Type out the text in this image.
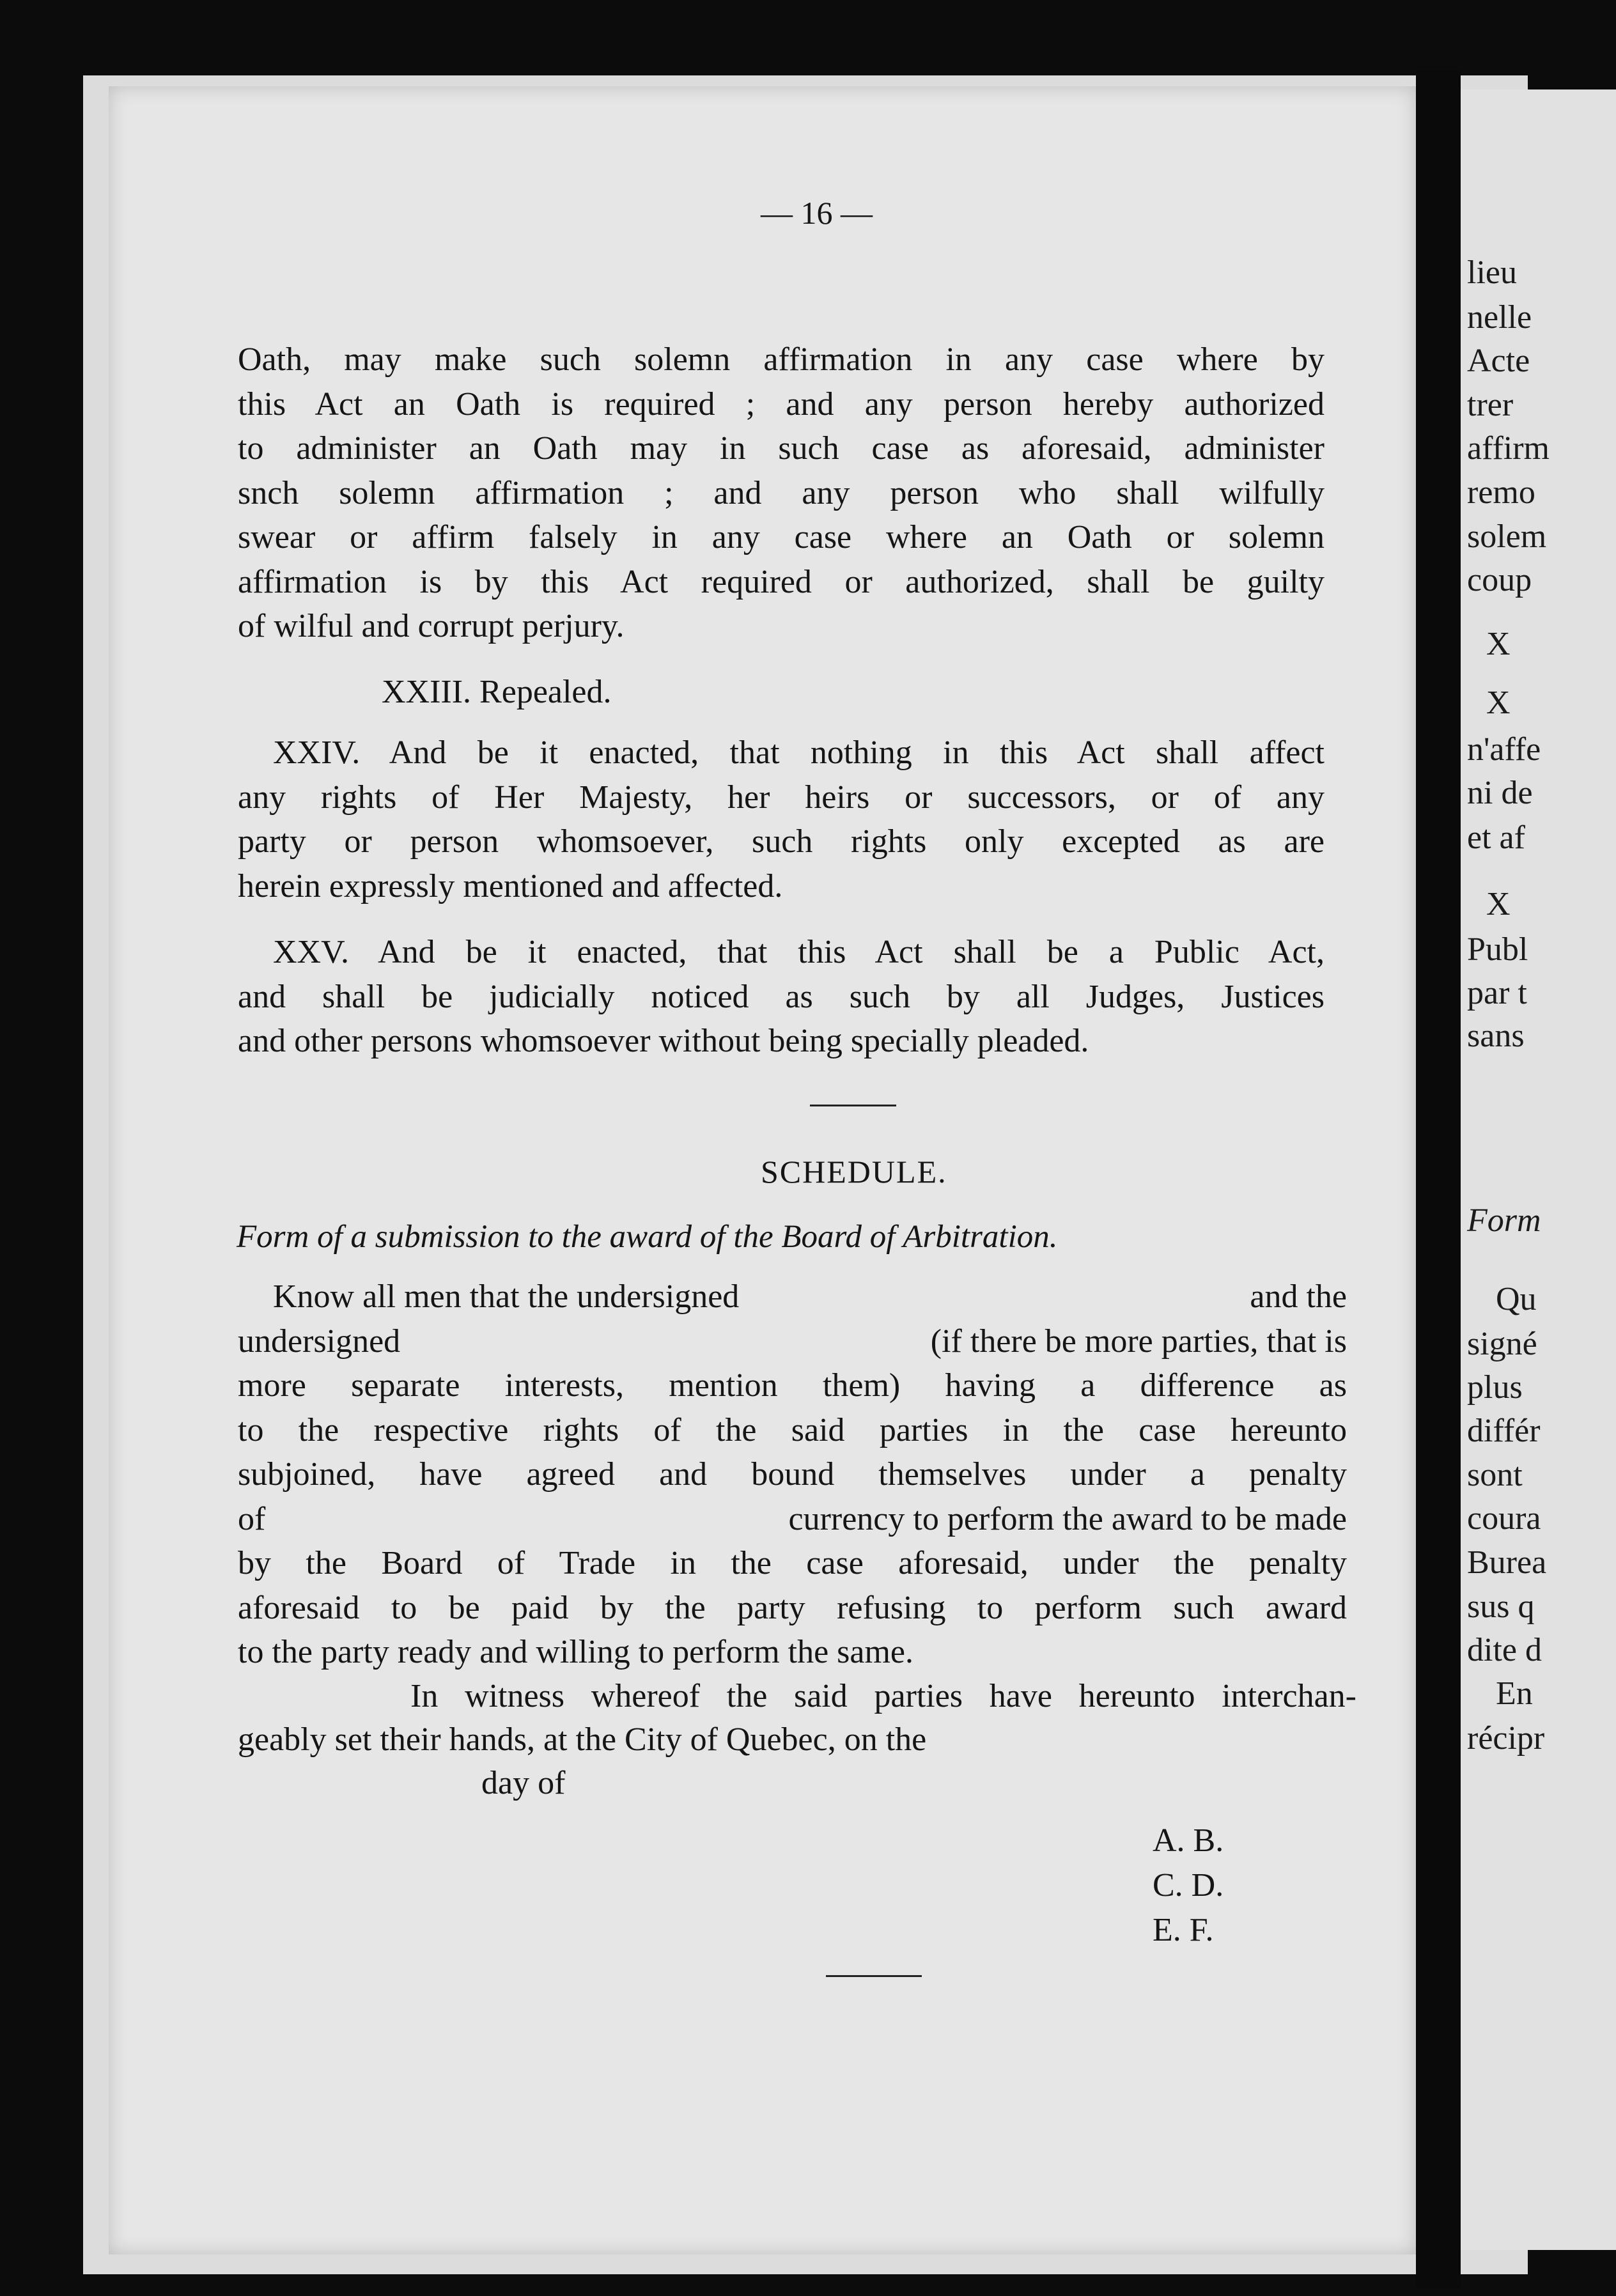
— 16 —
Oath, may make such solemn affirmation in any case where by
this Act an Oath is required ; and any person hereby authorized
to administer an Oath may in such case as aforesaid, administer
snch solemn affirmation ; and any person who shall wilfully
swear or affirm falsely in any case where an Oath or solemn
affirmation is by this Act required or authorized, shall be guilty
of wilful and corrupt perjury.
XXIII. Repealed.
XXIV. And be it enacted, that nothing in this Act shall affect
any rights of Her Majesty, her heirs or successors, or of any
party or person whomsoever, such rights only excepted as are
herein expressly mentioned and affected.
XXV. And be it enacted, that this Act shall be a Public Act,
and shall be judicially noticed as such by all Judges, Justices
and other persons whomsoever without being specially pleaded.
SCHEDULE.
Form of a submission to the award of the Board of Arbitration.
Know all men that the undersigned	and the
undersigned	(if there be more parties, that is
more separate interests, mention them) having a difference as
to the respective rights of the said parties in the case hereunto
subjoined, have agreed and bound themselves under a penalty
of	currency to perform the award to be made
by the Board of Trade in the case aforesaid, under the penalty
aforesaid to be paid by the party refusing to perform such award
to the party ready and willing to perform the same.
In witness whereof the said parties have hereunto interchan-
geably set their hands, at the City of Quebec, on the
day of
A. B.
C. D.
E. F.
lieu
nelle
Acte
trer
affirm
remo
solem
coup
X
X
n'affe
ni de
et af
X
Publ
par t
sans
Form
Qu
signé
plus
différ
sont
coura
Burea
sus q
dite d
En
récipr
